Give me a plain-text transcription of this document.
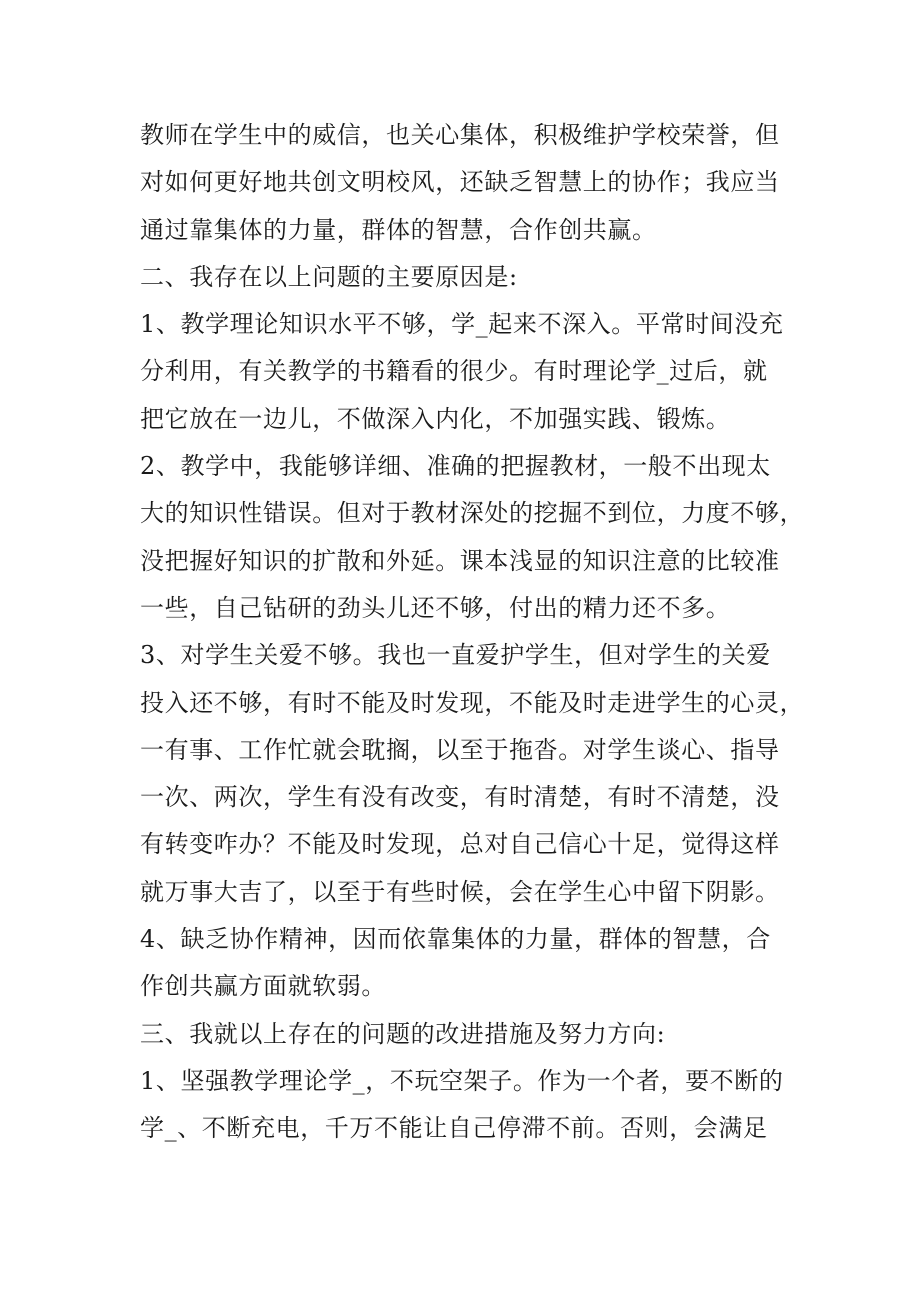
教师在学生中的威信，也关心集体，积极维护学校荣誉，但
对如何更好地共创文明校风，还缺乏智慧上的协作；我应当
通过靠集体的力量，群体的智慧，合作创共赢。
二、我存在以上问题的主要原因是:
1、教学理论知识水平不够，学_起来不深入。平常时间没充
分利用，有关教学的书籍看的很少。有时理论学_过后，就
把它放在一边儿，不做深入内化，不加强实践、锻炼。
2、教学中，我能够详细、准确的把握教材，一般不出现太
大的知识性错误。但对于教材深处的挖掘不到位，力度不够，
没把握好知识的扩散和外延。课本浅显的知识注意的比较准
一些，自己钻研的劲头儿还不够，付出的精力还不多。
3、对学生关爱不够。我也一直爱护学生，但对学生的关爱
投入还不够，有时不能及时发现，不能及时走进学生的心灵，
一有事、工作忙就会耽搁，以至于拖沓。对学生谈心、指导
一次、两次，学生有没有改变，有时清楚，有时不清楚，没
有转变咋办？不能及时发现，总对自己信心十足，觉得这样
就万事大吉了，以至于有些时候，会在学生心中留下阴影。
4、缺乏协作精神，因而依靠集体的力量，群体的智慧，合
作创共赢方面就软弱。
三、我就以上存在的问题的改进措施及努力方向:
1、坚强教学理论学_，不玩空架子。作为一个者，要不断的
学_、不断充电，千万不能让自己停滞不前。否则，会满足
